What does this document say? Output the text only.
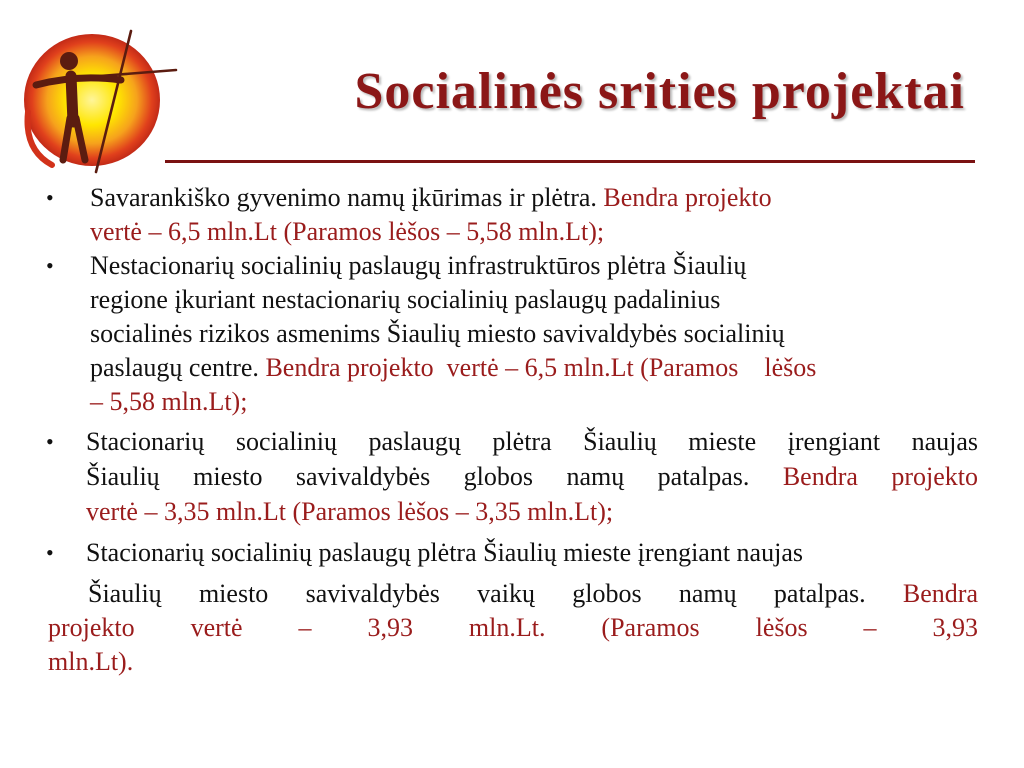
Socialinės srities projektai
• Savarankiško gyvenimo namų įkūrimas ir plėtra. Bendra projekto
vertė – 6,5 mln.Lt (Paramos lėšos – 5,58 mln.Lt);
• Nestacionarių socialinių paslaugų infrastruktūros plėtra Šiaulių
regione įkuriant nestacionarių socialinių paslaugų padalinius
socialinės rizikos asmenims Šiaulių miesto savivaldybės socialinių
paslaugų centre. Bendra projekto  vertė – 6,5 mln.Lt (Paramos    lėšos
– 5,58 mln.Lt);
• Stacionarių socialinių paslaugų plėtra Šiaulių mieste įrengiant naujas
Šiaulių miesto savivaldybės globos namų patalpas. Bendra projekto
vertė – 3,35 mln.Lt (Paramos lėšos – 3,35 mln.Lt);
• Stacionarių socialinių paslaugų plėtra Šiaulių mieste įrengiant naujas
Šiaulių miesto savivaldybės vaikų globos namų patalpas. Bendra
projekto vertė – 3,93 mln.Lt. (Paramos lėšos – 3,93
mln.Lt).
